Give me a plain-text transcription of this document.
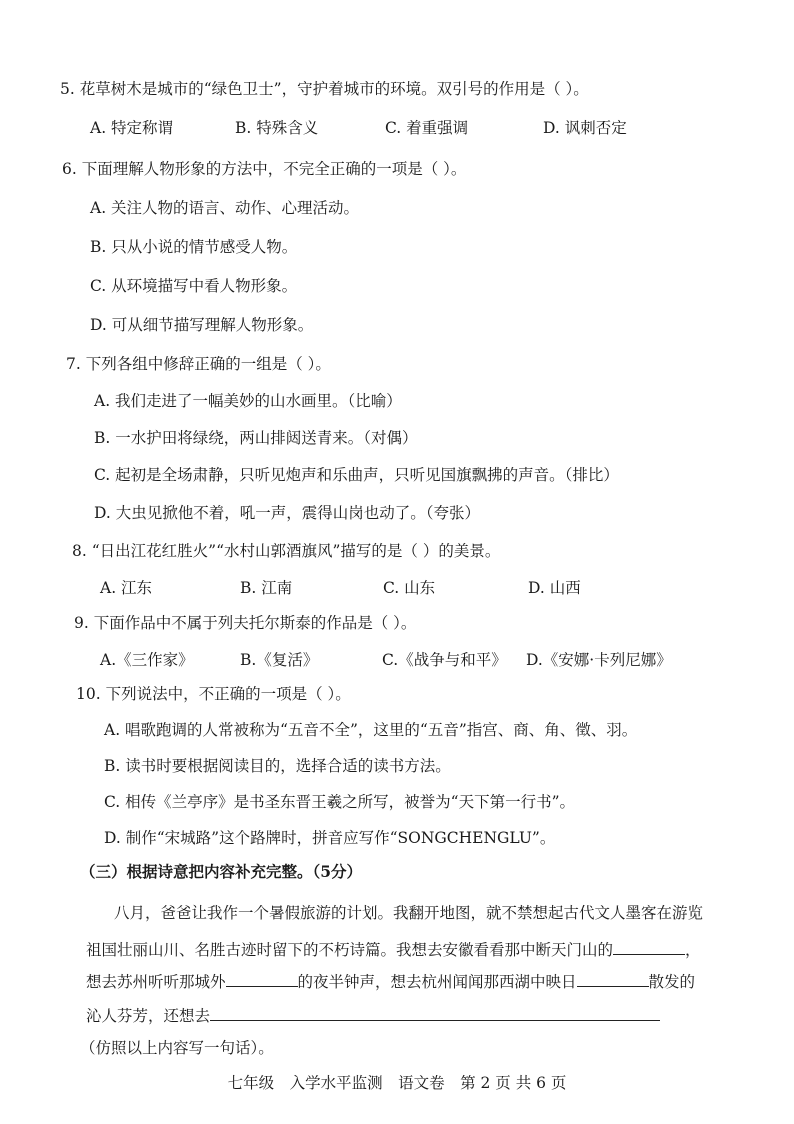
5. 花草树木是城市的“绿色卫士”，守护着城市的环境。双引号的作用是（ ）。
A. 特定称谓	B. 特殊含义	C. 着重强调	D. 讽刺否定
6. 下面理解人物形象的方法中，不完全正确的一项是（ ）。
A. 关注人物的语言、动作、心理活动。
B. 只从小说的情节感受人物。
C. 从环境描写中看人物形象。
D. 可从细节描写理解人物形象。
7. 下列各组中修辞正确的一组是（ ）。
A. 我们走进了一幅美妙的山水画里。（比喻）
B. 一水护田将绿绕，两山排闼送青来。（对偶）
C. 起初是全场肃静，只听见炮声和乐曲声，只听见国旗飘拂的声音。（排比）
D. 大虫见掀他不着，吼一声，震得山岗也动了。（夸张）
8. “日出江花红胜火”“水村山郭酒旗风”描写的是（ ）的美景。
A. 江东	B. 江南	C. 山东	D. 山西
9. 下面作品中不属于列夫托尔斯泰的作品是（ ）。
A.《三作家》	B.《复活》	C.《战争与和平》 D.《安娜·卡列尼娜》
10. 下列说法中，不正确的一项是（ ）。
A. 唱歌跑调的人常被称为“五音不全”，这里的“五音”指宫、商、角、徵、羽。
B. 读书时要根据阅读目的，选择合适的读书方法。
C. 相传《兰亭序》是书圣东晋王羲之所写，被誉为“天下第一行书”。
D. 制作“宋城路”这个路牌时，拼音应写作“SONGCHENGLU”。
（三）根据诗意把内容补充完整。（5分）
八月，爸爸让我作一个暑假旅游的计划。我翻开地图，就不禁想起古代文人墨客在游览
祖国壮丽山川、名胜古迹时留下的不朽诗篇。我想去安徽看看那中断天门山的	，
想去苏州听听那城外	的夜半钟声，想去杭州闻闻那西湖中映日	散发的
沁人芬芳，还想去
（仿照以上内容写一句话）。
七年级　入学水平监测　语文卷　第 2 页 共 6 页
